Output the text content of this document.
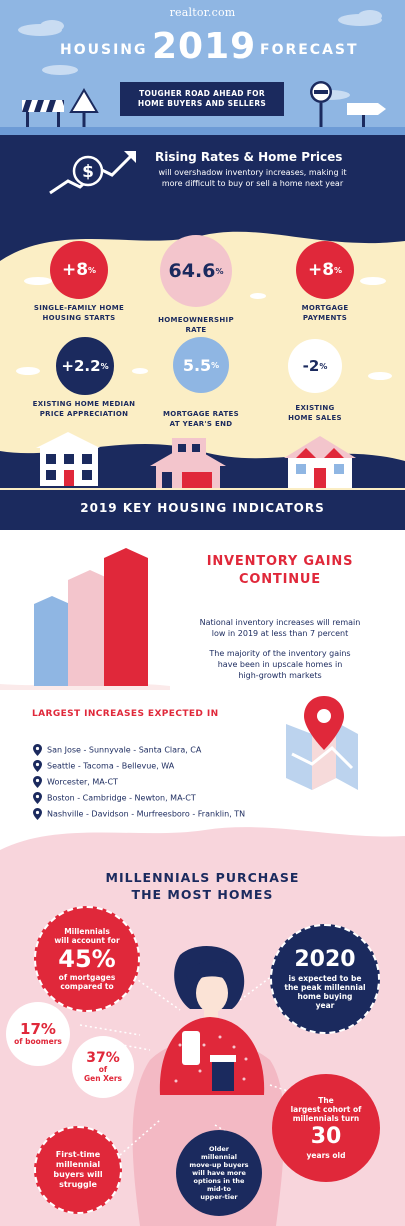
realtor.com
HOUSING 2019 FORECAST
TOUGHER ROAD AHEAD FOR
HOME BUYERS AND SELLERS
$
Rising Rates & Home Prices
will overshadow inventory increases, making it
more difficult to buy or sell a home next year
+8 %
SINGLE-FAMILY HOME
HOUSING STARTS
64.6 %
HOMEOWNERSHIP
RATE
+8 %
MORTGAGE
PAYMENTS
+2.2 %
EXISTING HOME MEDIAN
PRICE APPRECIATION
5.5 %
MORTGAGE RATES
AT YEAR'S END
-2 %
EXISTING
HOME SALES
2019 KEY HOUSING INDICATORS
INVENTORY GAINS
CONTINUE
National inventory increases will remain
low in 2019 at less than 7 percent
The majority of the inventory gains
have been in upscale homes in
high-growth markets
LARGEST INCREASES EXPECTED IN
San Jose - Sunnyvale - Santa Clara, CA
Seattle - Tacoma - Bellevue, WA
Worcester, MA-CT
Boston - Cambridge - Newton, MA-CT
Nashville - Davidson - Murfreesboro - Franklin, TN
MILLENNIALS PURCHASE
THE MOST HOMES
Millennials
will account for
45%
of mortgages
compared to
17%
of boomers
37%
of
Gen Xers
2020
is expected to be
the peak millennial
home buying
year
The
largest cohort of
millennials turn
30
years old
First-time
millennial
buyers will
struggle
Older
millennial
move-up buyers
will have more
options in the
mid-to
upper-tier
